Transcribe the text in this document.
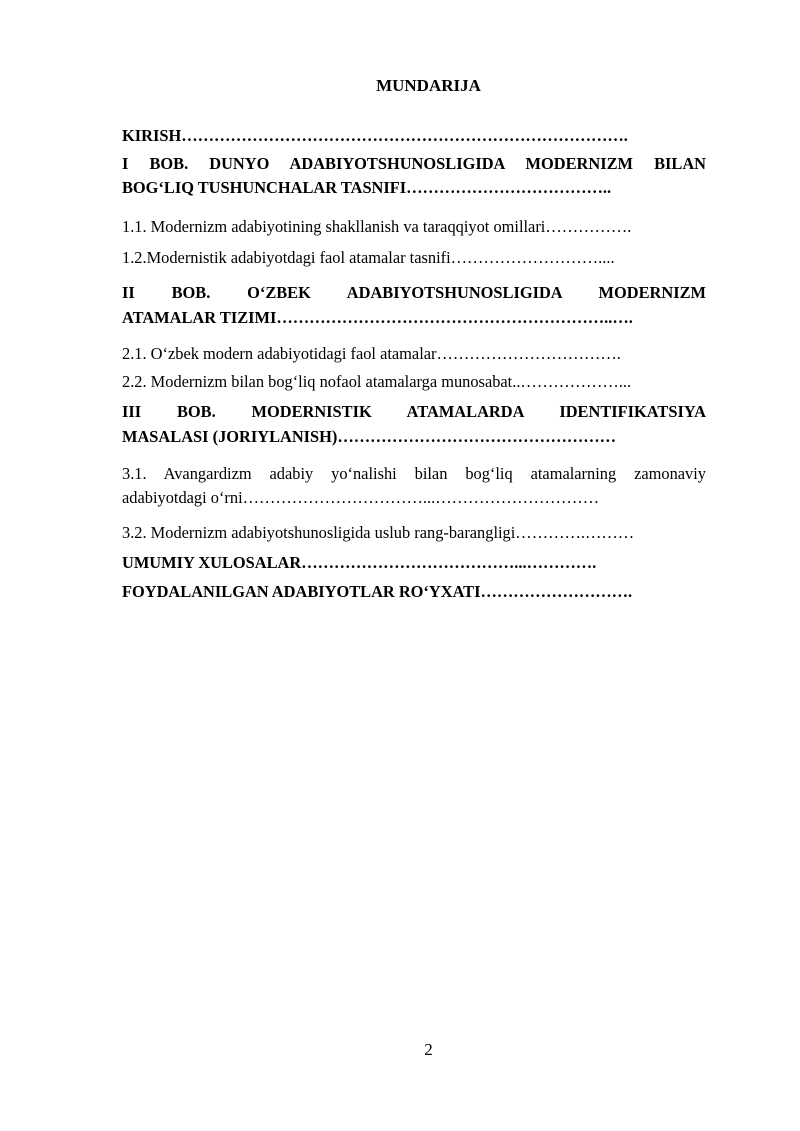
MUNDARIJA
KIRISH……………………………………………………………………….
I BOB. DUNYO ADABIYOTSHUNOSLIGIDA MODERNIZM BILAN
BOG‘LIQ TUSHUNCHALAR TASNIFI………………………………..
1.1. Modernizm adabiyotining shakllanish va taraqqiyot omillari…………….
1.2.Modernistik adabiyotdagi faol atamalar tasnifi………………………....
II BOB. O‘ZBEK ADABIYOTSHUNOSLIGIDA MODERNIZM
ATAMALAR TIZIMI……………………………………………………..….
2.1. O‘zbek modern adabiyotidagi faol atamalar…………………………….
2.2. Modernizm bilan bog‘liq nofaol atamalarga munosabat..………………...
III BOB. MODERNISTIK ATAMALARDA IDENTIFIKATSIYA
MASALASI (JORIYLANISH)……………………………………………
3.1. Avangardizm adabiy yo‘nalishi bilan bog‘liq atamalarning zamonaviy
adabiyotdagi o‘rni……………………………...…………………………
3.2. Modernizm adabiyotshunosligida uslub rang-barangligi………….………
UMUMIY XULOSALAR…………………………………...………….
FOYDALANILGAN ADABIYOTLAR RO‘YXATI……………………….
2
